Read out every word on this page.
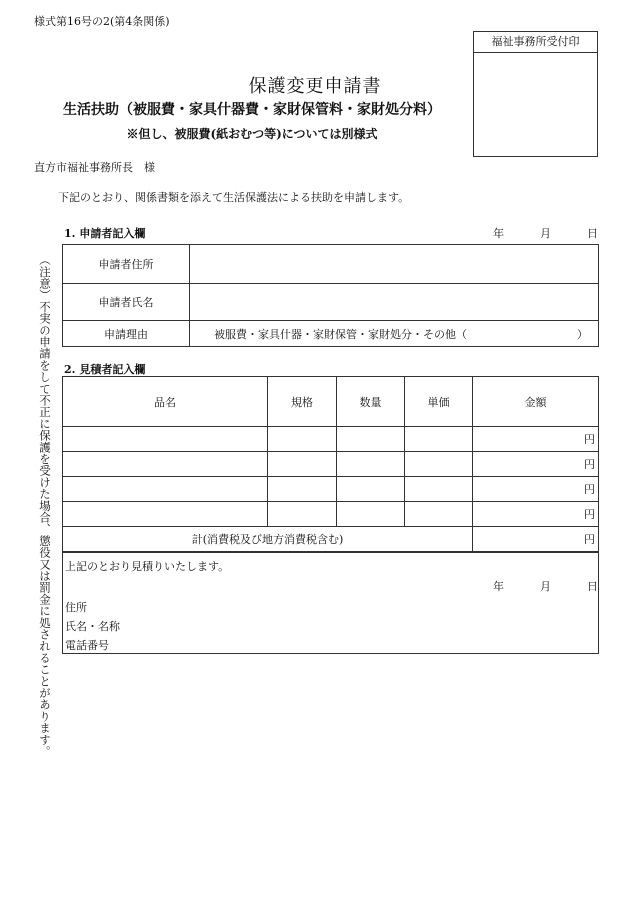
様式第16号の2(第4条関係)
福祉事務所受付印
保護変更申請書
生活扶助（被服費・家具什器費・家財保管料・家財処分料）
※但し、被服費(紙おむつ等)については別様式
直方市福祉事務所長　様
下記のとおり、関係書類を添えて生活保護法による扶助を申請します。
（注意）不実の申請をして不正に保護を受けた場合、懲役又は罰金に処されることがあります。
1. 申請者記入欄	年	月	日
申請者住所	
申請者氏名	
申請理由	被服費・家具什器・家財保管・家財処分・その他（　　　　　　　　　　）
2. 見積者記入欄
品名	規格	数量	単価	金額
				円
				円
				円
				円
計(消費税及び地方消費税含む)				円
上記のとおり見積りいたします。
年	月	日
住所
氏名・名称
電話番号
